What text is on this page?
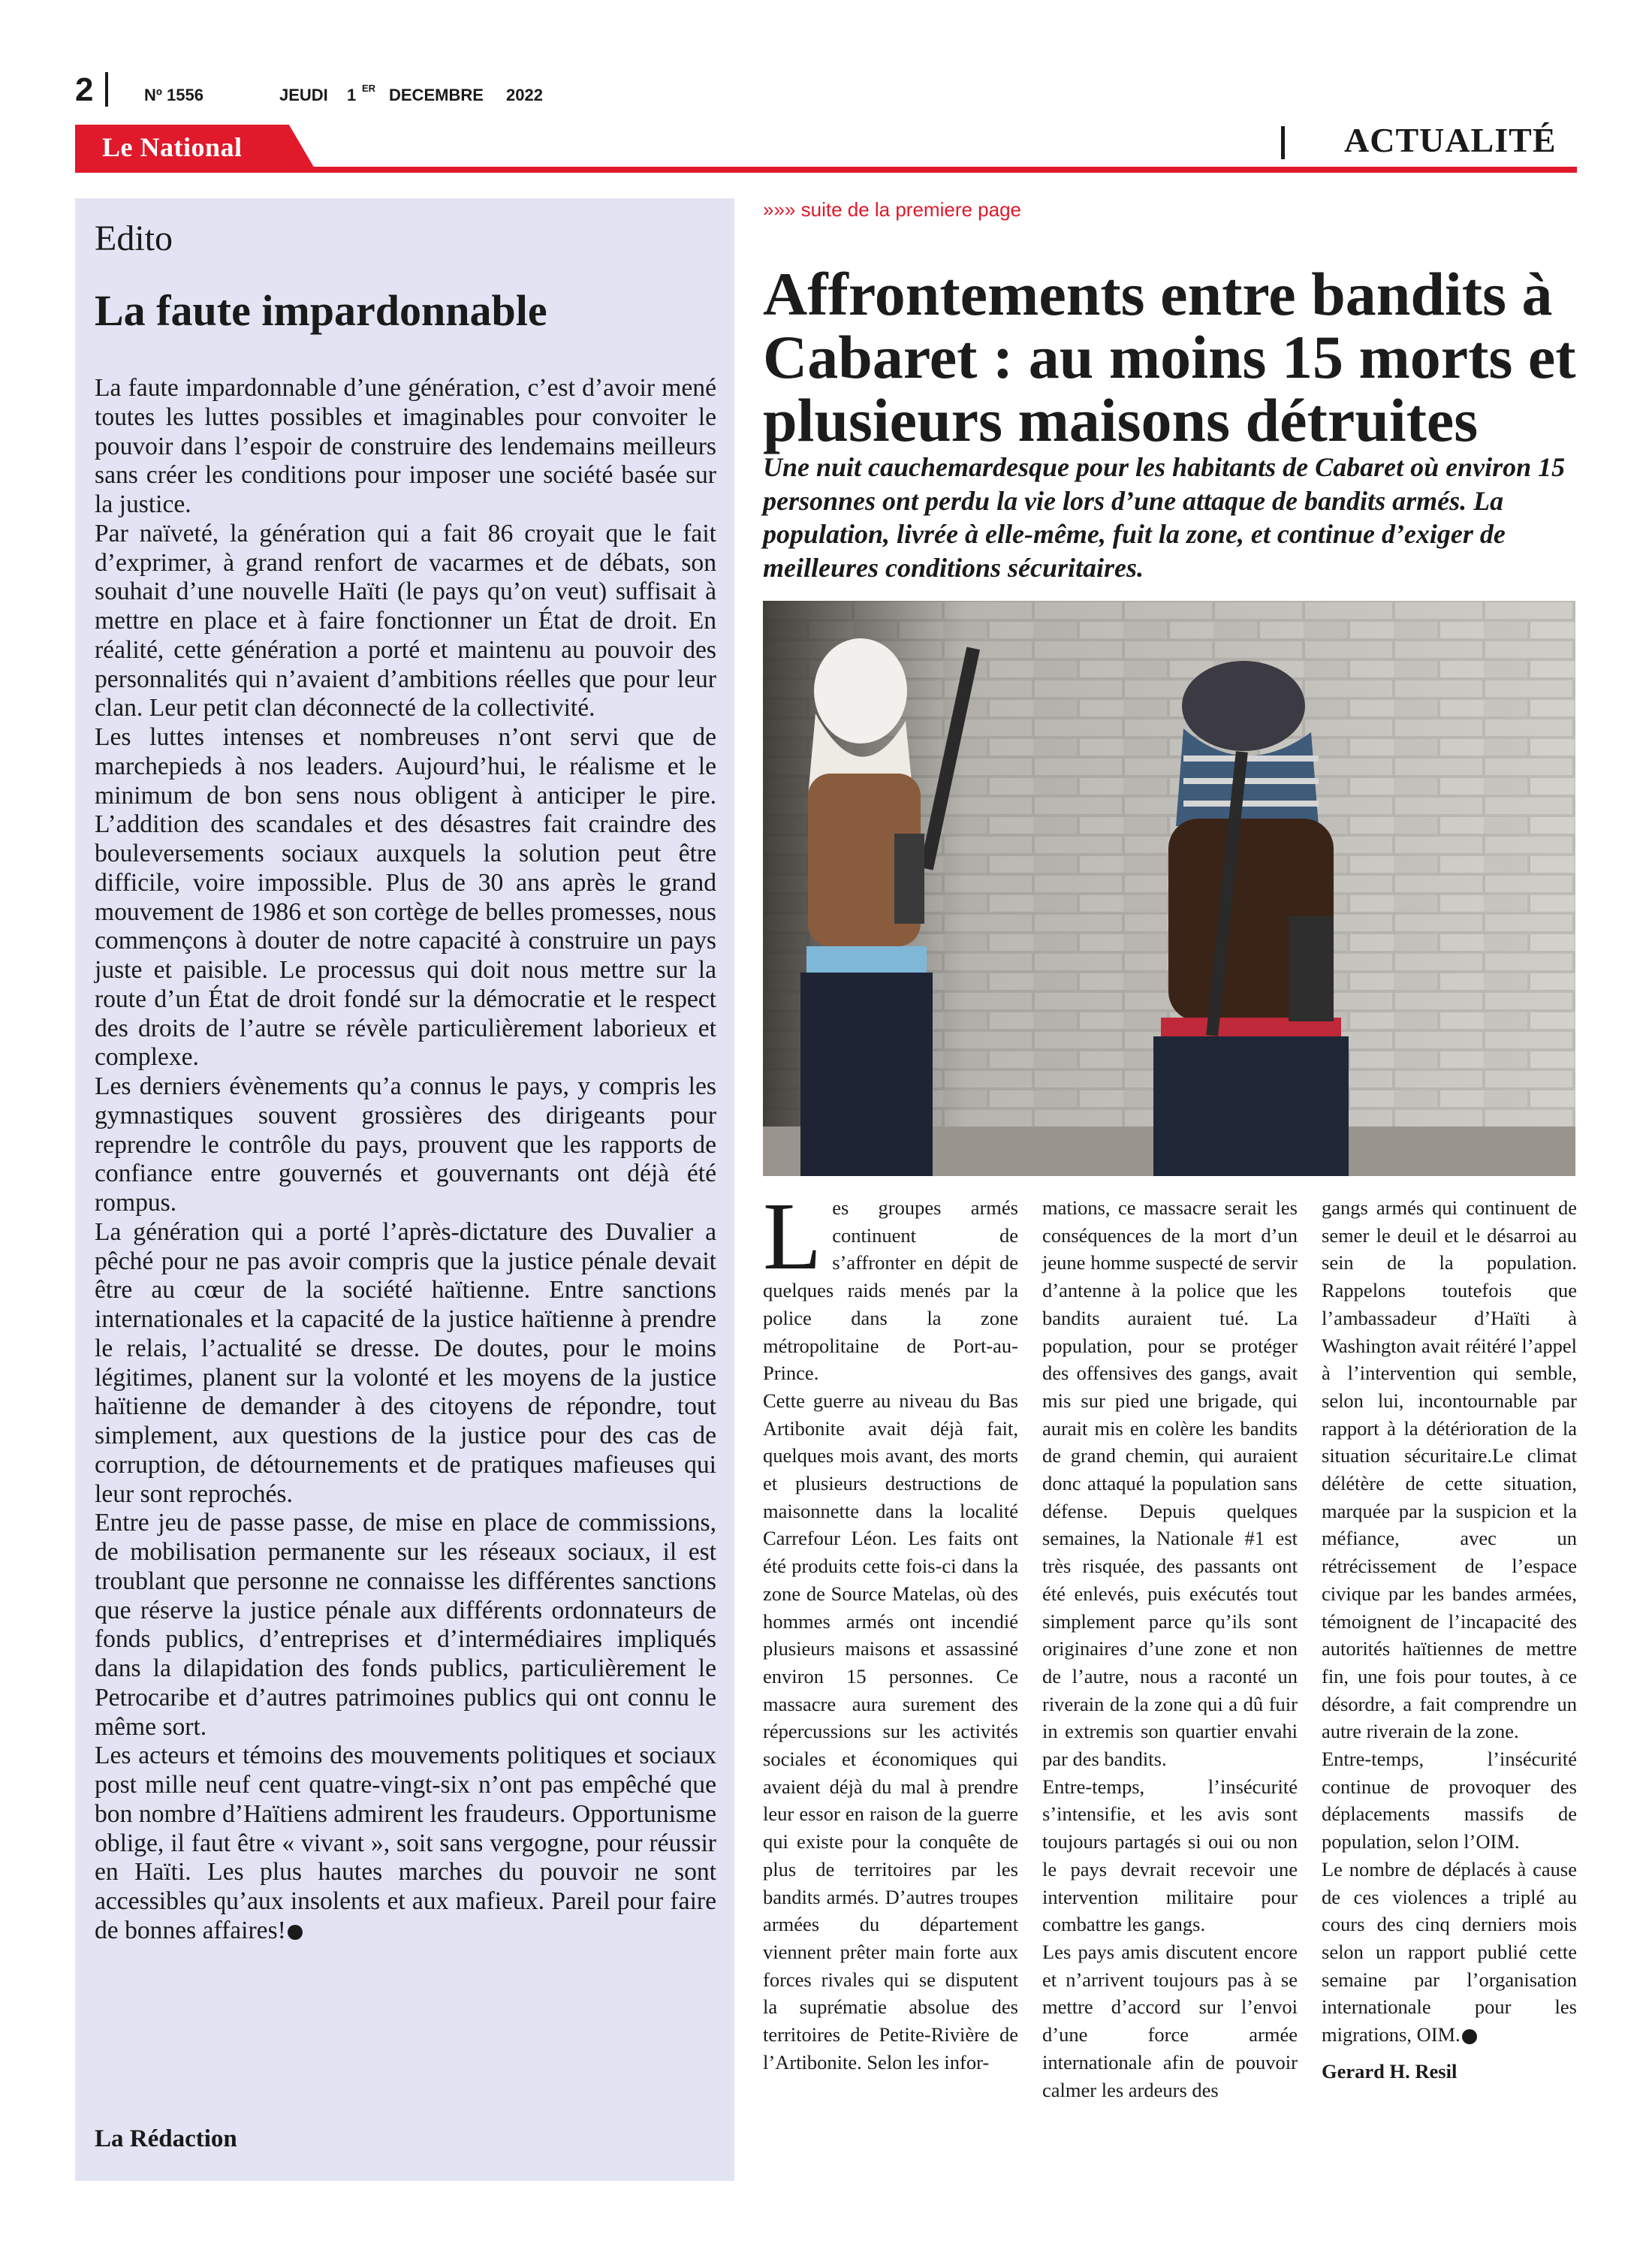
2	Nº 1556	JEUDI 1 ER DECEMBRE 2022
Le National	ACTUALITÉ
Edito
La faute impardonnable

La faute impardonnable d’une génération, c’est d’avoir mené toutes les luttes possibles et imaginables pour convoiter le pouvoir dans l’espoir de construire des lendemains meilleurs sans créer les conditions pour imposer une société basée sur la justice.

Par naïveté, la génération qui a fait 86 croyait que le fait d’exprimer, à grand renfort de vacarmes et de débats, son souhait d’une nouvelle Haïti (le pays qu’on veut) suffisait à mettre en place et à faire fonctionner un État de droit. En réalité, cette génération a porté et maintenu au pouvoir des personnalités qui n’avaient d’ambitions réelles que pour leur clan. Leur petit clan déconnecté de la collectivité.

Les luttes intenses et nombreuses n’ont servi que de marchepieds à nos leaders. Aujourd’hui, le réalisme et le minimum de bon sens nous obligent à anticiper le pire. L’addition des scandales et des désastres fait craindre des bouleversements sociaux auxquels la solution peut être difficile, voire impossible. Plus de 30 ans après le grand mouvement de 1986 et son cortège de belles promesses, nous commençons à douter de notre capacité à construire un pays juste et paisible. Le processus qui doit nous mettre sur la route d’un État de droit fondé sur la démocratie et le respect des droits de l’autre se révèle particulièrement laborieux et complexe.

Les derniers évènements qu’a connus le pays, y compris les gymnastiques souvent grossières des dirigeants pour reprendre le contrôle du pays, prouvent que les rapports de confiance entre gouvernés et gouvernants ont déjà été rompus.

La génération qui a porté l’après-dictature des Duvalier a pêché pour ne pas avoir compris que la justice pénale devait être au cœur de la société haïtienne. Entre sanctions internationales et la capacité de la justice haïtienne à prendre le relais, l’actualité se dresse. De doutes, pour le moins légitimes, planent sur la volonté et les moyens de la justice haïtienne de demander à des citoyens de répondre, tout simplement, aux questions de la justice pour des cas de corruption, de détournements et de pratiques mafieuses qui leur sont reprochés.

Entre jeu de passe passe, de mise en place de commissions, de mobilisation permanente sur les réseaux sociaux, il est troublant que personne ne connaisse les différentes sanctions que réserve la justice pénale aux différents ordonnateurs de fonds publics, d’entreprises et d’intermédiaires impliqués dans la dilapidation des fonds publics, particulièrement le Petrocaribe et d’autres patrimoines publics qui ont connu le même sort.

Les acteurs et témoins des mouvements politiques et sociaux post mille neuf cent quatre-vingt-six n’ont pas empêché que bon nombre d’Haïtiens admirent les fraudeurs. Opportunisme oblige, il faut être « vivant », soit sans vergogne, pour réussir en Haïti. Les plus hautes marches du pouvoir ne sont accessibles qu’aux insolents et aux mafieux. Pareil pour faire de bonnes affaires!

La Rédaction
»»» suite de la premiere page
Affrontements entre bandits à Cabaret : au moins 15 morts et plusieurs maisons détruites
Une nuit cauchemardesque pour les habitants de Cabaret où environ 15 personnes ont perdu la vie lors d’une attaque de bandits armés. La population, livrée à elle-même, fuit la zone, et continue d’exiger de meilleures conditions sécuritaires.

Les groupes armés continuent de s’affronter en dépit de quelques raids menés par la police dans la zone métropolitaine de Port-au-Prince.

Cette guerre au niveau du Bas Artibonite avait déjà fait, quelques mois avant, des morts et plusieurs destructions de maisonnette dans la localité Carrefour Léon. Les faits ont été produits cette fois-ci dans la zone de Source Matelas, où des hommes armés ont incendié plusieurs maisons et assassiné environ 15 personnes. Ce massacre aura surement des répercussions sur les activités sociales et économiques qui avaient déjà du mal à prendre leur essor en raison de la guerre qui existe pour la conquête de plus de territoires par les bandits armés. D’autres troupes armées du département viennent prêter main forte aux forces rivales qui se disputent la suprématie absolue des territoires de Petite-Rivière de l’Artibonite. Selon les infor-

mations, ce massacre serait les conséquences de la mort d’un jeune homme suspecté de servir d’antenne à la police que les bandits auraient tué. La population, pour se protéger des offensives des gangs, avait mis sur pied une brigade, qui aurait mis en colère les bandits de grand chemin, qui auraient donc attaqué la population sans défense. Depuis quelques semaines, la Nationale #1 est très risquée, des passants ont été enlevés, puis exécutés tout simplement parce qu’ils sont originaires d’une zone et non de l’autre, nous a raconté un riverain de la zone qui a dû fuir in extremis son quartier envahi par des bandits.

Entre-temps, l’insécurité s’intensifie, et les avis sont toujours partagés si oui ou non le pays devrait recevoir une intervention militaire pour combattre les gangs.

Les pays amis discutent encore et n’arrivent toujours pas à se mettre d’accord sur l’envoi d’une force armée internationale afin de pouvoir calmer les ardeurs des

gangs armés qui continuent de semer le deuil et le désarroi au sein de la population. Rappelons toutefois que l’ambassadeur d’Haïti à Washington avait réitéré l’appel à l’intervention qui semble, selon lui, incontournable par rapport à la détérioration de la situation sécuritaire.Le climat délétère de cette situation, marquée par la suspicion et la méfiance, avec un rétrécissement de l’espace civique par les bandes armées, témoignent de l’incapacité des autorités haïtiennes de mettre fin, une fois pour toutes, à ce désordre, a fait comprendre un autre riverain de la zone.

Entre-temps, l’insécurité continue de provoquer des déplacements massifs de population, selon l’OIM.

Le nombre de déplacés à cause de ces violences a triplé au cours des cinq derniers mois selon un rapport publié cette semaine par l’organisation internationale pour les migrations, OIM.

Gerard H. Resil
